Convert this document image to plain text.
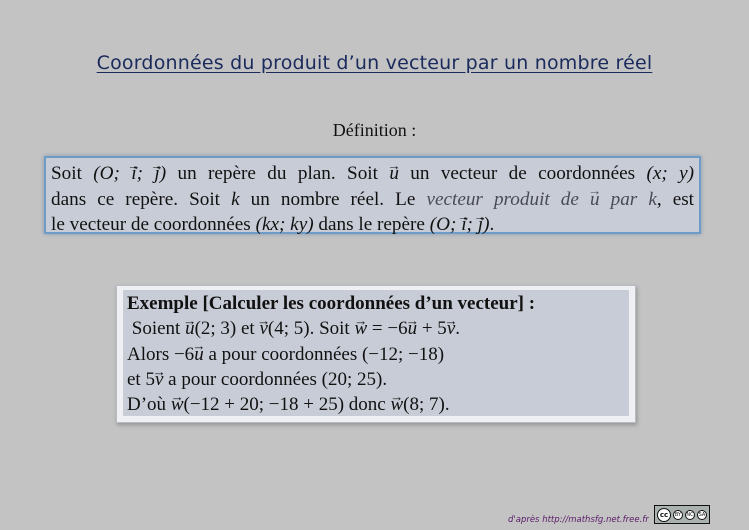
Coordonnées du produit d’un vecteur par un nombre réel
Définition :
Soit (O; → i; → j) un repère du plan. Soit → u un vecteur de coordonnées (x; y)
dans ce repère. Soit k un nombre réel. Le vecteur produit de → u par k, est
le vecteur de coordonnées (kx; ky) dans le repère (O; → i; → j).
Exemple [Calculer les coordonnées d’un vecteur] :
Soient → u(2; 3) et → v(4; 5). Soit → w = −6→ u + 5→ v.
Alors −6→ u a pour coordonnées (−12; −18)
et 5→ v a pour coordonnées (20; 25).
D’où → w(−12 + 20; −18 + 25) donc → w(8; 7).
d'après http://mathsfg.net.free.fr
cc	BY	NC	SA
